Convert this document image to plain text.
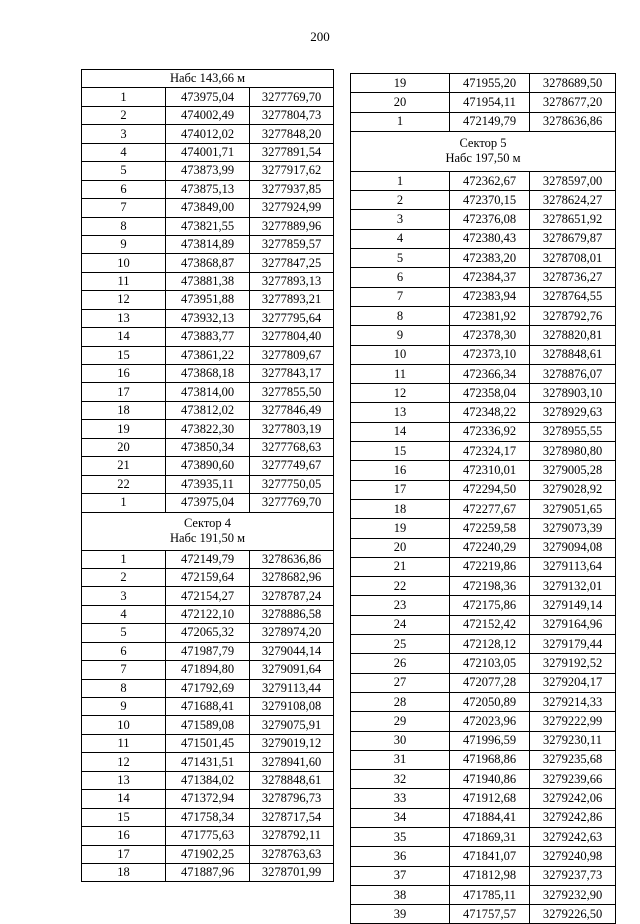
200
Набс 143,66 м		

1	473975,04	3277769,70
2	474002,49	3277804,73
3	474012,02	3277848,20
4	474001,71	3277891,54
5	473873,99	3277917,62
6	473875,13	3277937,85
7	473849,00	3277924,99
8	473821,55	3277889,96
9	473814,89	3277859,57
10	473868,87	3277847,25
11	473881,38	3277893,13
12	473951,88	3277893,21
13	473932,13	3277795,64
14	473883,77	3277804,40
15	473861,22	3277809,67
16	473868,18	3277843,17
17	473814,00	3277855,50
18	473812,02	3277846,49
19	473822,30	3277803,19
20	473850,34	3277768,63
21	473890,60	3277749,67
22	473935,11	3277750,05
1	473975,04	3277769,70

Сектор 4
Набс 191,50 м		

1	472149,79	3278636,86
2	472159,64	3278682,96
3	472154,27	3278787,24
4	472122,10	3278886,58
5	472065,32	3278974,20
6	471987,79	3279044,14
7	471894,80	3279091,64
8	471792,69	3279113,44
9	471688,41	3279108,08
10	471589,08	3279075,91
11	471501,45	3279019,12
12	471431,51	3278941,60
13	471384,02	3278848,61
14	471372,94	3278796,73
15	471758,34	3278717,54
16	471775,63	3278792,11
17	471902,25	3278763,63
18	471887,96	3278701,99
19	471955,20	3278689,50
20	471954,11	3278677,20
1	472149,79	3278636,86

Сектор 5
Набс 197,50 м		

1	472362,67	3278597,00
2	472370,15	3278624,27
3	472376,08	3278651,92
4	472380,43	3278679,87
5	472383,20	3278708,01
6	472384,37	3278736,27
7	472383,94	3278764,55
8	472381,92	3278792,76
9	472378,30	3278820,81
10	472373,10	3278848,61
11	472366,34	3278876,07
12	472358,04	3278903,10
13	472348,22	3278929,63
14	472336,92	3278955,55
15	472324,17	3278980,80
16	472310,01	3279005,28
17	472294,50	3279028,92
18	472277,67	3279051,65
19	472259,58	3279073,39
20	472240,29	3279094,08
21	472219,86	3279113,64
22	472198,36	3279132,01
23	472175,86	3279149,14
24	472152,42	3279164,96
25	472128,12	3279179,44
26	472103,05	3279192,52
27	472077,28	3279204,17
28	472050,89	3279214,33
29	472023,96	3279222,99
30	471996,59	3279230,11
31	471968,86	3279235,68
32	471940,86	3279239,66
33	471912,68	3279242,06
34	471884,41	3279242,86
35	471869,31	3279242,63
36	471841,07	3279240,98
37	471812,98	3279237,73
38	471785,11	3279232,90
39	471757,57	3279226,50
